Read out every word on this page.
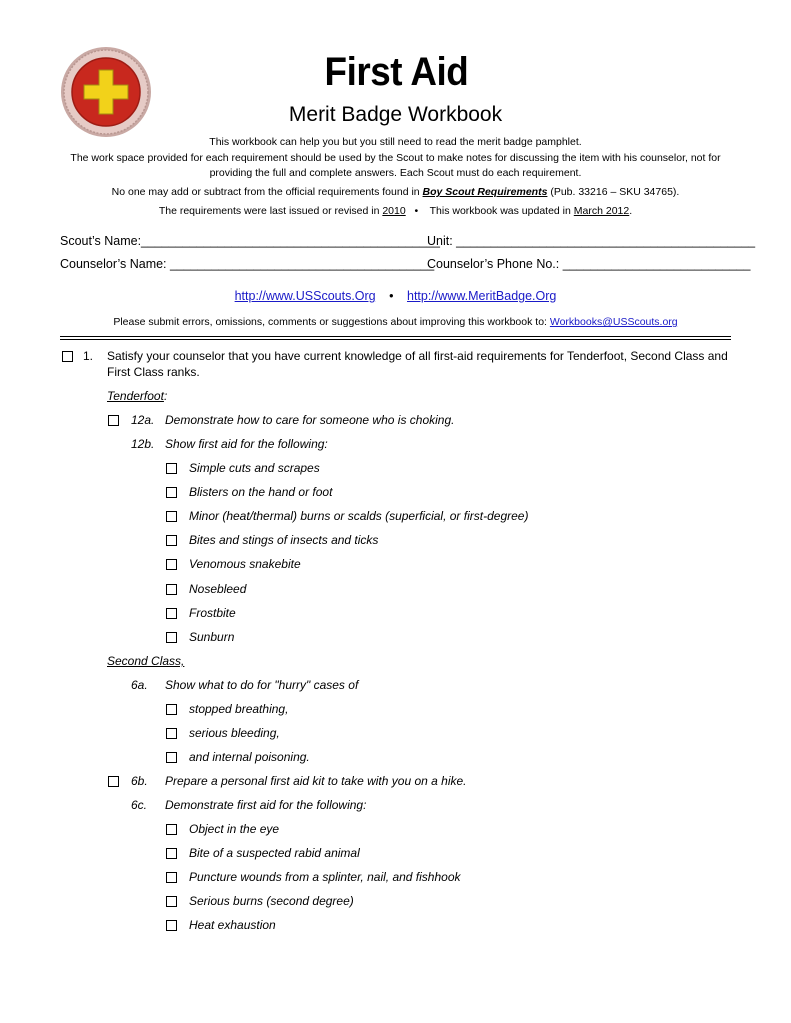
First Aid
Merit Badge Workbook
This workbook can help you but you still need to read the merit badge pamphlet.
The work space provided for each requirement should be used by the Scout to make notes for discussing the item with his counselor, not for
providing the full and complete answers. Each Scout must do each requirement.
No one may add or subtract from the official requirements found in Boy Scout Requirements (Pub. 33216 – SKU 34765).
The requirements were last issued or revised in 2010   •    This workbook was updated in March 2012.
Scout’s Name:___________________________________________
Unit: ___________________________________________
Counselor’s Name: ______________________________________
Counselor’s Phone No.: ___________________________
http://www.USScouts.Org • http://www.MeritBadge.Org
Please submit errors, omissions, comments or suggestions about improving this workbook to: Workbooks@USScouts.org
1. Satisfy your counselor that you have current knowledge of all first-aid requirements for Tenderfoot, Second Class and
First Class ranks.
Tenderfoot:
12a. Demonstrate how to care for someone who is choking.
12b. Show first aid for the following:
Simple cuts and scrapes
Blisters on the hand or foot
Minor (heat/thermal) burns or scalds (superficial, or first-degree)
Bites and stings of insects and ticks
Venomous snakebite
Nosebleed
Frostbite
Sunburn
Second Class,
6a. Show what to do for "hurry" cases of
stopped breathing,
serious bleeding,
and internal poisoning.
6b. Prepare a personal first aid kit to take with you on a hike.
6c. Demonstrate first aid for the following:
Object in the eye
Bite of a suspected rabid animal
Puncture wounds from a splinter, nail, and fishhook
Serious burns (second degree)
Heat exhaustion
